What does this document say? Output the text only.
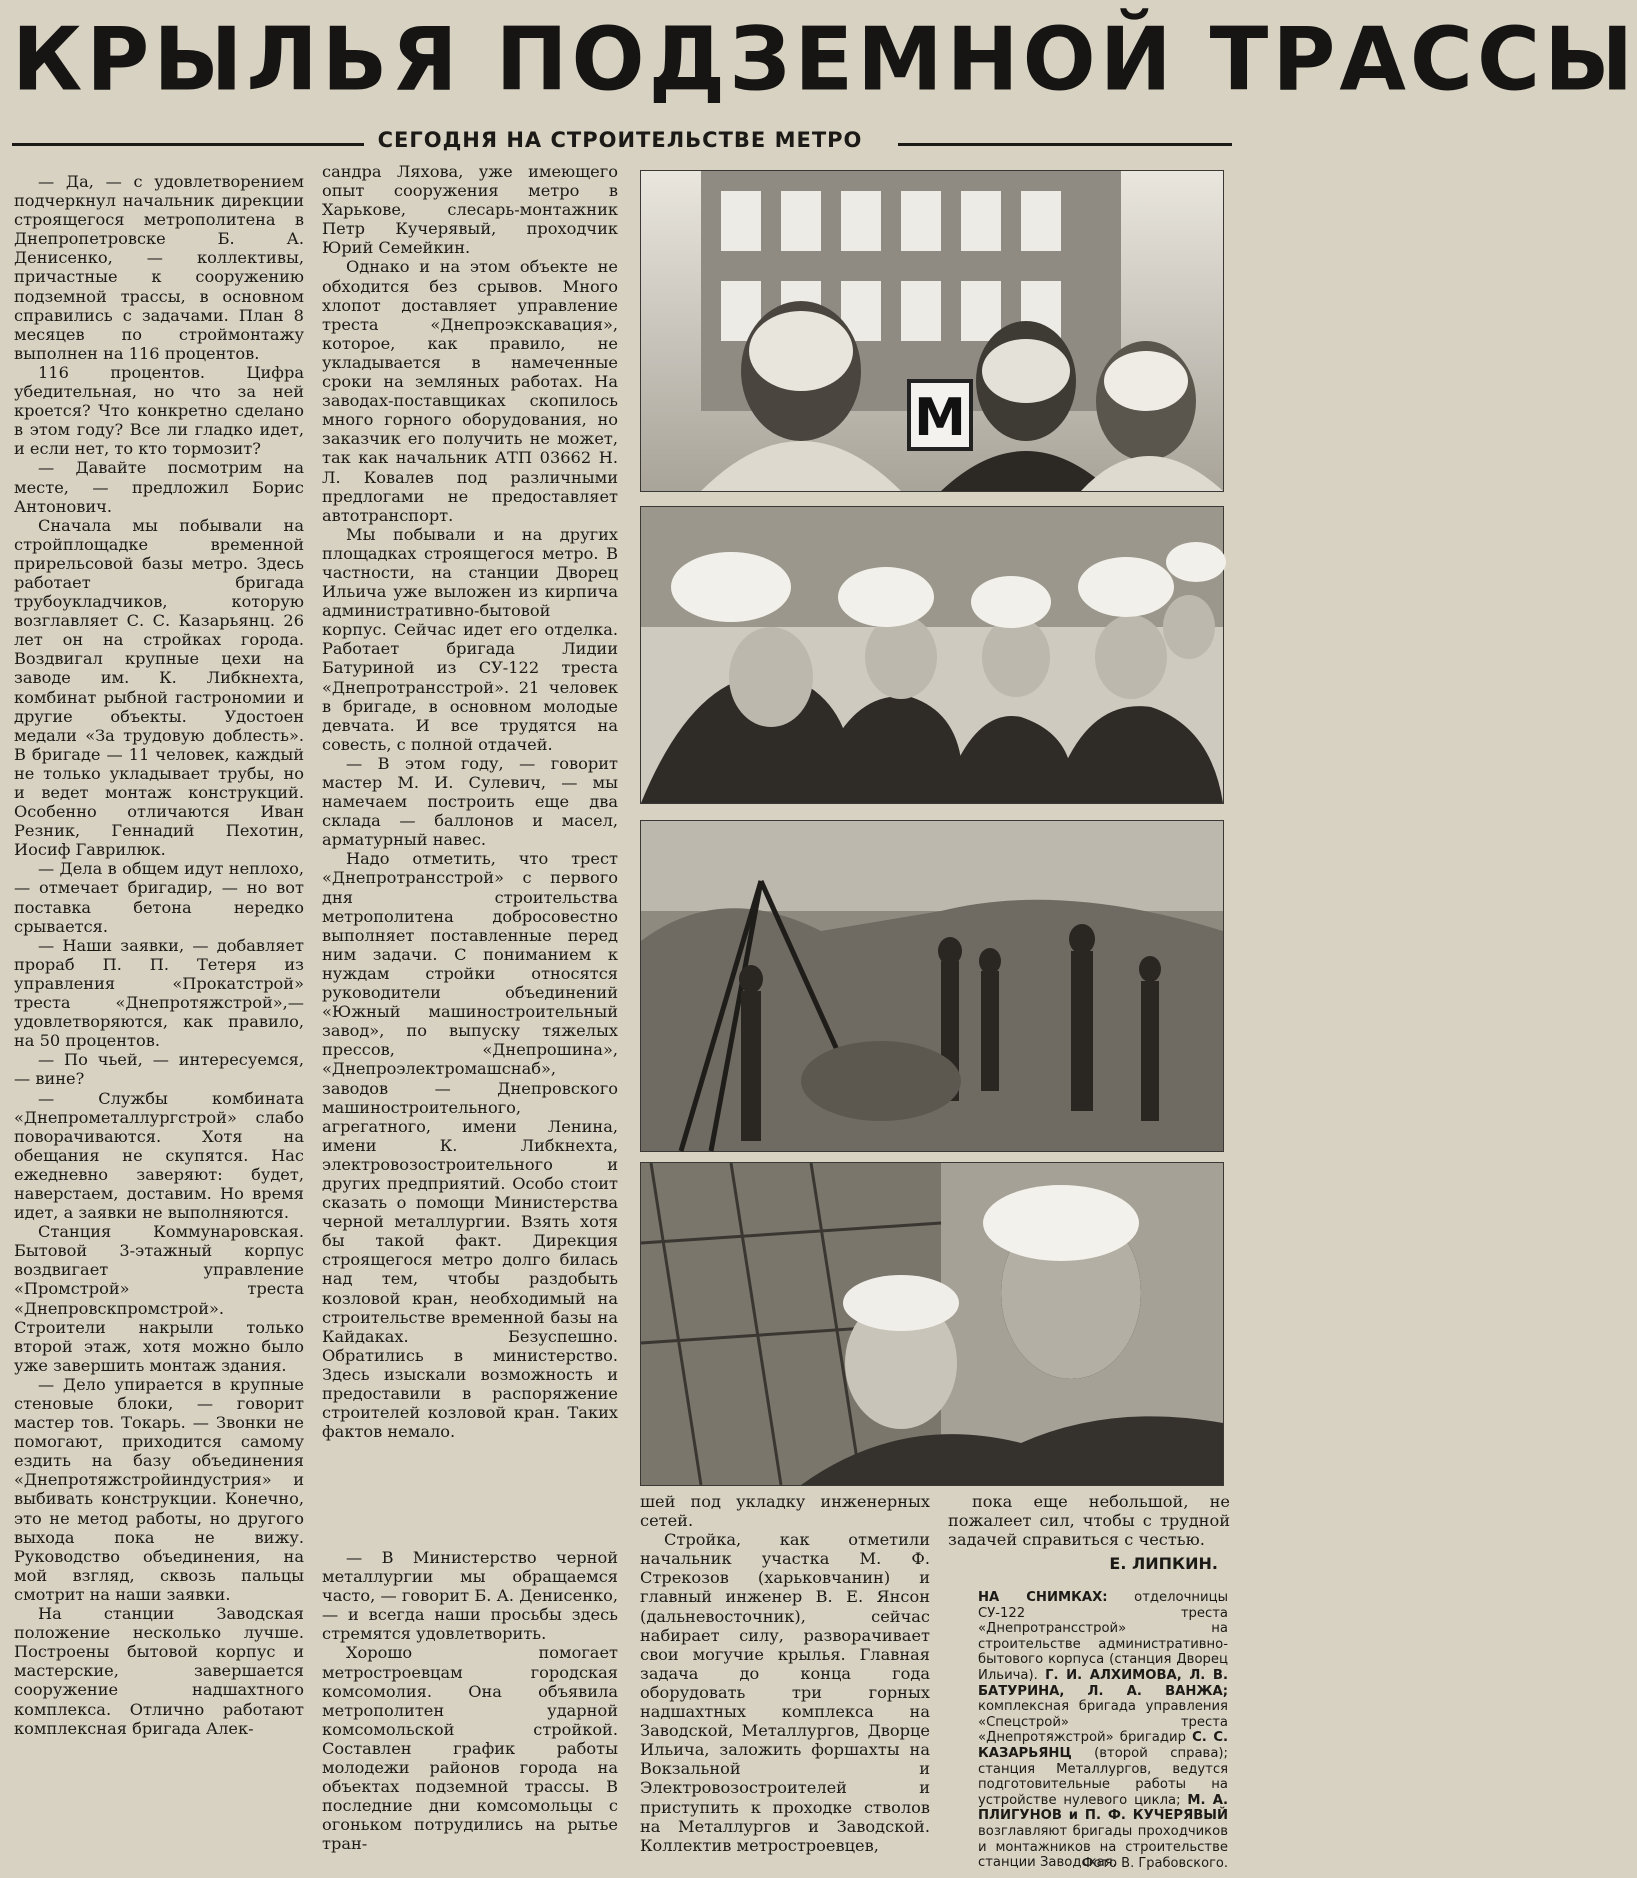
КРЫЛЬЯ ПОДЗЕМНОЙ ТРАССЫ
СЕГОДНЯ НА СТРОИТЕЛЬСТВЕ МЕТРО

— Да, — с удовлетворением подчеркнул начальник дирекции строящегося метрополитена в Днепропетровске Б. А. Денисенко, — коллективы, причастные к сооружению подземной трассы, в основном справились с задачами. План 8 месяцев по строймонтажу выполнен на 116 процентов.

116 процентов. Цифра убедительная, но что за ней кроется? Что конкретно сделано в этом году? Все ли гладко идет, и если нет, то кто тормозит?

— Давайте посмотрим на месте, — предложил Борис Антонович.

Сначала мы побывали на стройплощадке временной прирельсовой базы метро. Здесь работает бригада трубоукладчиков, которую возглавляет С. С. Казарьянц. 26 лет он на стройках города. Воздвигал крупные цехи на заводе им. К. Либкнехта, комбинат рыбной гастрономии и другие объекты. Удостоен медали «За трудовую доблесть». В бригаде — 11 человек, каждый не только укладывает трубы, но и ведет монтаж конструкций. Особенно отличаются Иван Резник, Геннадий Пехотин, Иосиф Гаврилюк.

— Дела в общем идут неплохо, — отмечает бригадир, — но вот поставка бетона нередко срывается.

— Наши заявки, — добавляет прораб П. П. Тетеря из управления «Прокатстрой» треста «Днепротяжстрой»,— удовлетворяются, как правило, на 50 процентов.

— По чьей, — интересуемся, — вине?

— Службы комбината «Днепрометаллургстрой» слабо поворачиваются. Хотя на обещания не скупятся. Нас ежедневно заверяют: будет, наверстаем, доставим. Но время идет, а заявки не выполняются.

Станция Коммунаровская. Бытовой 3-этажный корпус воздвигает управление «Промстрой» треста «Днепровскпромстрой». Строители накрыли только второй этаж, хотя можно было уже завершить монтаж здания.

— Дело упирается в крупные стеновые блоки, — говорит мастер тов. Токарь. — Звонки не помогают, приходится самому ездить на базу объединения «Днепротяжстройиндустрия» и выбивать конструкции. Конечно, это не метод работы, но другого выхода пока не вижу. Руководство объединения, на мой взгляд, сквозь пальцы смотрит на наши заявки.

На станции Заводская положение несколько лучше. Построены бытовой корпус и мастерские, завершается сооружение надшахтного комплекса. Отлично работают комплексная бригада Алек-

сандра Ляхова, уже имеющего опыт сооружения метро в Харькове, слесарь-монтажник Петр Кучерявый, проходчик Юрий Семейкин.

Однако и на этом объекте не обходится без срывов. Много хлопот доставляет управление треста «Днепроэкскавация», которое, как правило, не укладывается в намеченные сроки на земляных работах. На заводах-поставщиках скопилось много горного оборудования, но заказчик его получить не может, так как начальник АТП 03662 Н. Л. Ковалев под различными предлогами не предоставляет автотранспорт.

Мы побывали и на других площадках строящегося метро. В частности, на станции Дворец Ильича уже выложен из кирпича административно-бытовой корпус. Сейчас идет его отделка. Работает бригада Лидии Батуриной из СУ-122 треста «Днепротрансстрой». 21 человек в бригаде, в основном молодые девчата. И все трудятся на совесть, с полной отдачей.

— В этом году, — говорит мастер М. И. Сулевич, — мы намечаем построить еще два склада — баллонов и масел, арматурный навес.

Надо отметить, что трест «Днепротрансстрой» с первого дня строительства метрополитена добросовестно выполняет поставленные перед ним задачи. С пониманием к нуждам стройки относятся руководители объединений «Южный машиностроительный завод», по выпуску тяжелых прессов, «Днепрошина», «Днепроэлектромашснаб», заводов — Днепровского машиностроительного, агрегатного, имени Ленина, имени К. Либкнехта, электровозостроительного и других предприятий. Особо стоит сказать о помощи Министерства черной металлургии. Взять хотя бы такой факт. Дирекция строящегося метро долго билась над тем, чтобы раздобыть козловой кран, необходимый на строительстве временной базы на Кайдаках. Безуспешно. Обратились в министерство. Здесь изыскали возможность и предоставили в распоряжение строителей козловой кран. Таких фактов немало.

— В Министерство черной металлургии мы обращаемся часто, — говорит Б. А. Денисенко, — и всегда наши просьбы здесь стремятся удовлетворить.

Хорошо помогает метростроевцам городская комсомолия. Она объявила метрополитен ударной комсомольской стройкой. Составлен график работы молодежи районов города на объектах подземной трассы. В последние дни комсомольцы с огоньком потрудились на рытье тран-

М

шей под укладку инженерных сетей.

Стройка, как отметили начальник участка М. Ф. Стрекозов (харьковчанин) и главный инженер В. Е. Янсон (дальневосточник), сейчас набирает силу, разворачивает свои могучие крылья. Главная задача до конца года оборудовать три горных надшахтных комплекса на Заводской, Металлургов, Дворце Ильича, заложить форшахты на Вокзальной и Электровозостроителей и приступить к проходке стволов на Металлургов и Заводской. Коллектив метростроевцев,

пока еще небольшой, не пожалеет сил, чтобы с трудной задачей справиться с честью.

Е. ЛИПКИН.
НА СНИМКАХ: отделочницы СУ-122 треста «Днепротрансстрой» на строительстве административно-бытового корпуса (станция Дворец Ильича). Г. И. АЛХИМОВА, Л. В. БАТУРИНА, Л. А. ВАНЖА; комплексная бригада управления «Спецстрой» треста «Днепротяжстрой» бригадир С. С. КАЗАРЬЯНЦ (второй справа); станция Металлургов, ведутся подготовительные работы на устройстве нулевого цикла; М. А. ПЛИГУНОВ и П. Ф. КУЧЕРЯВЫЙ возглавляют бригады проходчиков и монтажников на строительстве станции Заводская.
Фото В. Грабовского.
